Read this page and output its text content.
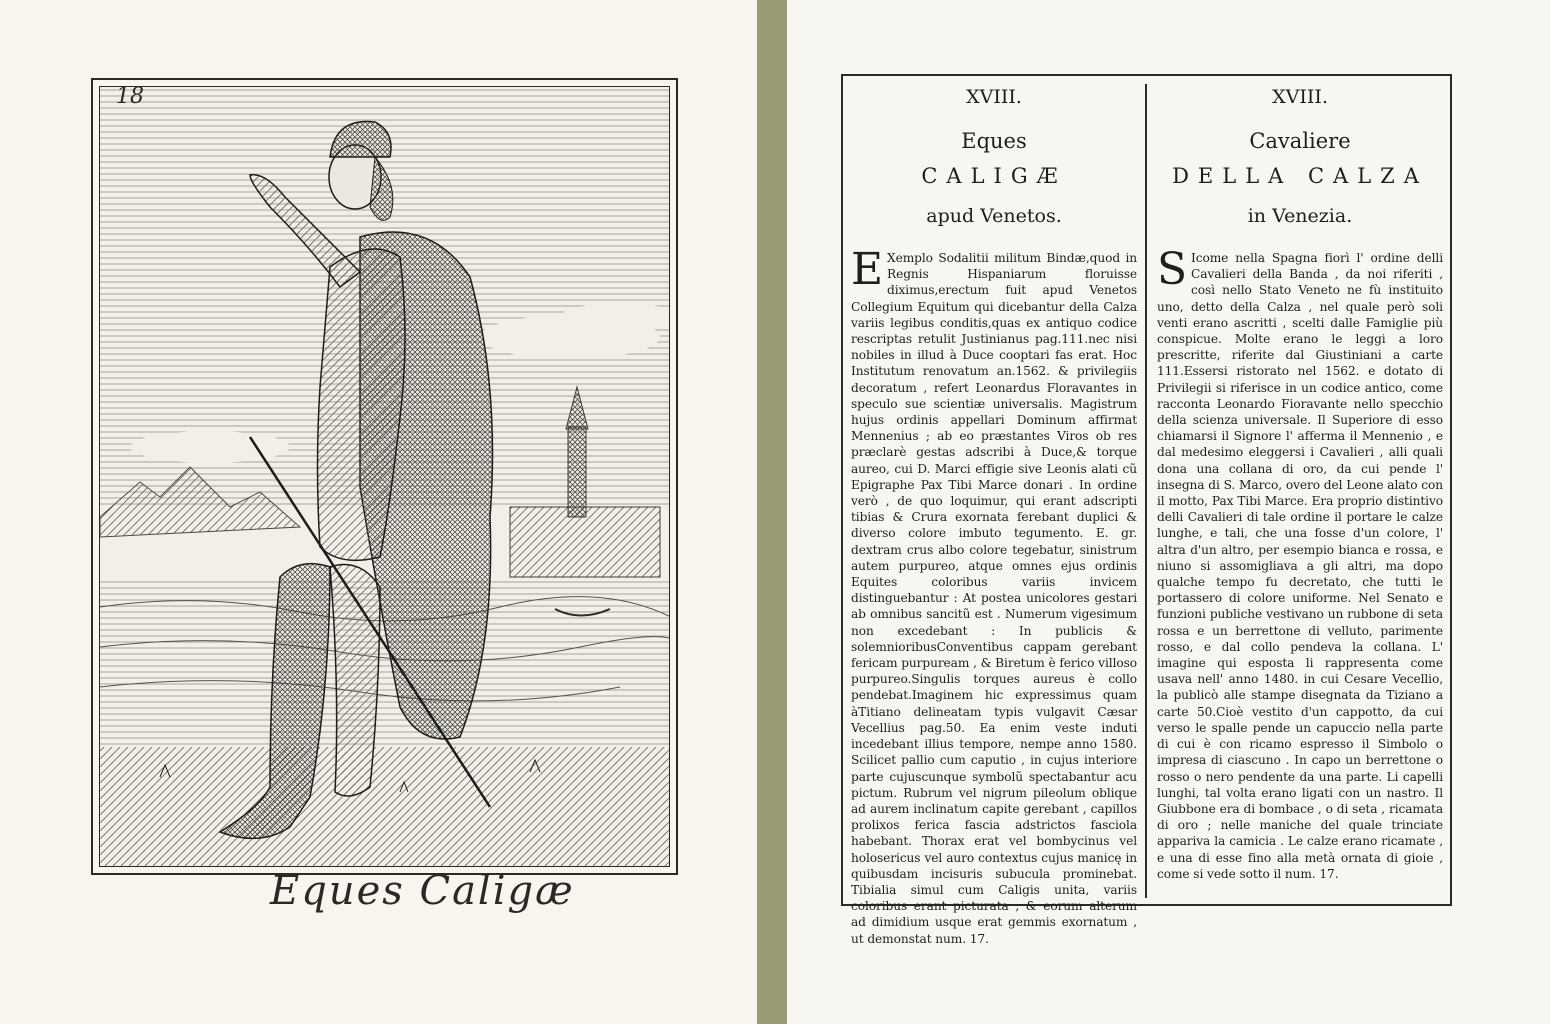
18
Eques Caligæ
XVIII.
Eques
CALIGÆ
apud Venetos.
E Xemplo Sodalitii militum Bindæ,quod in Regnis Hispaniarum floruisse diximus,erectum fuit apud Venetos Collegium Equitum qui dicebantur della Calza variis legibus conditis,quas ex antiquo codice rescriptas retulit Justinianus pag.111.nec nisi nobiles in illud à Duce cooptari fas erat. Hoc Institutum renovatum an.1562. & privilegiis decoratum , refert Leonardus Floravantes in speculo sue scientiæ universalis. Magistrum hujus ordinis appellari Dominum affirmat Mennenius ; ab eo præstantes Viros ob res præclarè gestas adscribi à Duce,& torque aureo, cui D. Marci effigie sive Leonis alati cũ Epigraphe Pax Tibi Marce donari . In ordine verò , de quo loquimur, qui erant adscripti tibias & Crura exornata ferebant duplici & diverso colore imbuto tegumento. E. gr. dextram crus albo colore tegebatur, sinistrum autem purpureo, atque omnes ejus ordinis Equites coloribus variis invicem distinguebantur : At postea unicolores gestari ab omnibus sancitũ est . Numerum vigesimum non excedebant : In publicis & solemnioribusConventibus cappam gerebant fericam purpuream , & Biretum è ferico villoso purpureo.Singulis torques aureus è collo pendebat.Imaginem hic expressimus quam àTitiano delineatam typis vulgavit Cæsar Vecellius pag.50. Ea enim veste induti incedebant illius tempore, nempe anno 1580. Scilicet pallio cum caputio , in cujus interiore parte cujuscunque symbolũ spectabantur acu pictum. Rubrum vel nigrum pileolum oblique ad aurem inclinatum capite gerebant , capillos prolixos ferica fascia adstrictos fasciola habebant. Thorax erat vel bombycinus vel holosericus vel auro contextus cujus manicę in quibusdam incisuris subucula prominebat. Tibialia simul cum Caligis unita, variis coloribus erant picturata , & eorum alterum ad dimidium usque erat gemmis exornatum , ut demonstat num. 17.
XVIII.
Cavaliere
DELLA CALZA
in Venezia.
S Icome nella Spagna fiorì l' ordine delli Cavalieri della Banda , da noi riferiti , così nello Stato Veneto ne fù instituito uno, detto della Calza , nel quale però soli venti erano ascritti , scelti dalle Famiglie più conspicue. Molte erano le leggi a loro prescritte, riferite dal Giustiniani a carte 111.Essersi ristorato nel 1562. e dotato di Privilegii si riferisce in un codice antico, come racconta Leonardo Fioravante nello specchio della scienza universale. Il Superiore di esso chiamarsi il Signore l' afferma il Mennenio , e dal medesimo eleggersi i Cavalieri , alli quali dona una collana di oro, da cui pende l' insegna di S. Marco, overo del Leone alato con il motto, Pax Tibi Marce. Era proprio distintivo delli Cavalieri di tale ordine il portare le calze lunghe, e tali, che una fosse d'un colore, l' altra d'un altro, per esempio bianca e rossa, e niuno si assomigliava a gli altri, ma dopo qualche tempo fu decretato, che tutti le portassero di colore uniforme. Nel Senato e funzioni publiche vestivano un rubbone di seta rossa e un berrettone di velluto, parimente rosso, e dal collo pendeva la collana. L' imagine qui esposta li rappresenta come usava nell' anno 1480. in cui Cesare Vecellio, la publicò alle stampe disegnata da Tiziano a carte 50.Cioè vestito d'un cappotto, da cui verso le spalle pende un capuccio nella parte di cui è con ricamo espresso il Simbolo o impresa di ciascuno . In capo un berrettone o rosso o nero pendente da una parte. Li capelli lunghi, tal volta erano ligati con un nastro. Il Giubbone era di bombace , o di seta , ricamata di oro ; nelle maniche del quale trinciate appariva la camicia . Le calze erano ricamate , e una di esse fino alla metà ornata di gioie , come si vede sotto il num. 17.
